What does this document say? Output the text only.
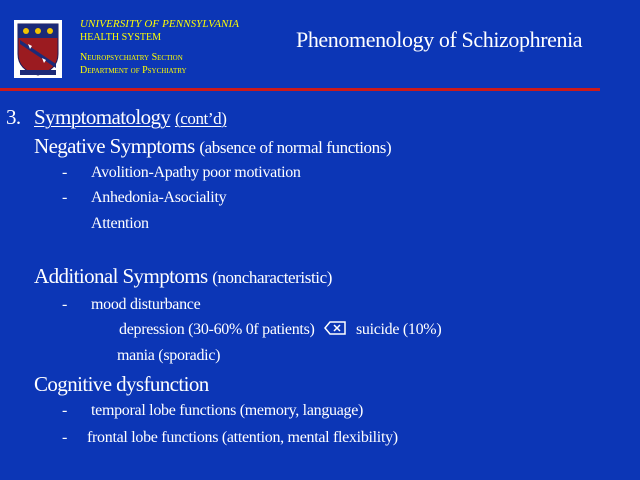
UNIVERSITY OF PENNSYLVANIA
HEALTH SYSTEM
Neuropsychiatry Section
Department of Psychiatry
Phenomenology of Schizophrenia
3. Symptomatology (cont’d)
Negative Symptoms (absence of normal functions)
- Avolition-Apathy poor motivation
- Anhedonia-Asociality
Attention
Additional Symptoms (noncharacteristic)
- mood disturbance
depression (30-60% 0f patients)	suicide (10%)
mania (sporadic)
Cognitive dysfunction
- temporal lobe functions (memory, language)
- frontal lobe functions (attention, mental flexibility)
